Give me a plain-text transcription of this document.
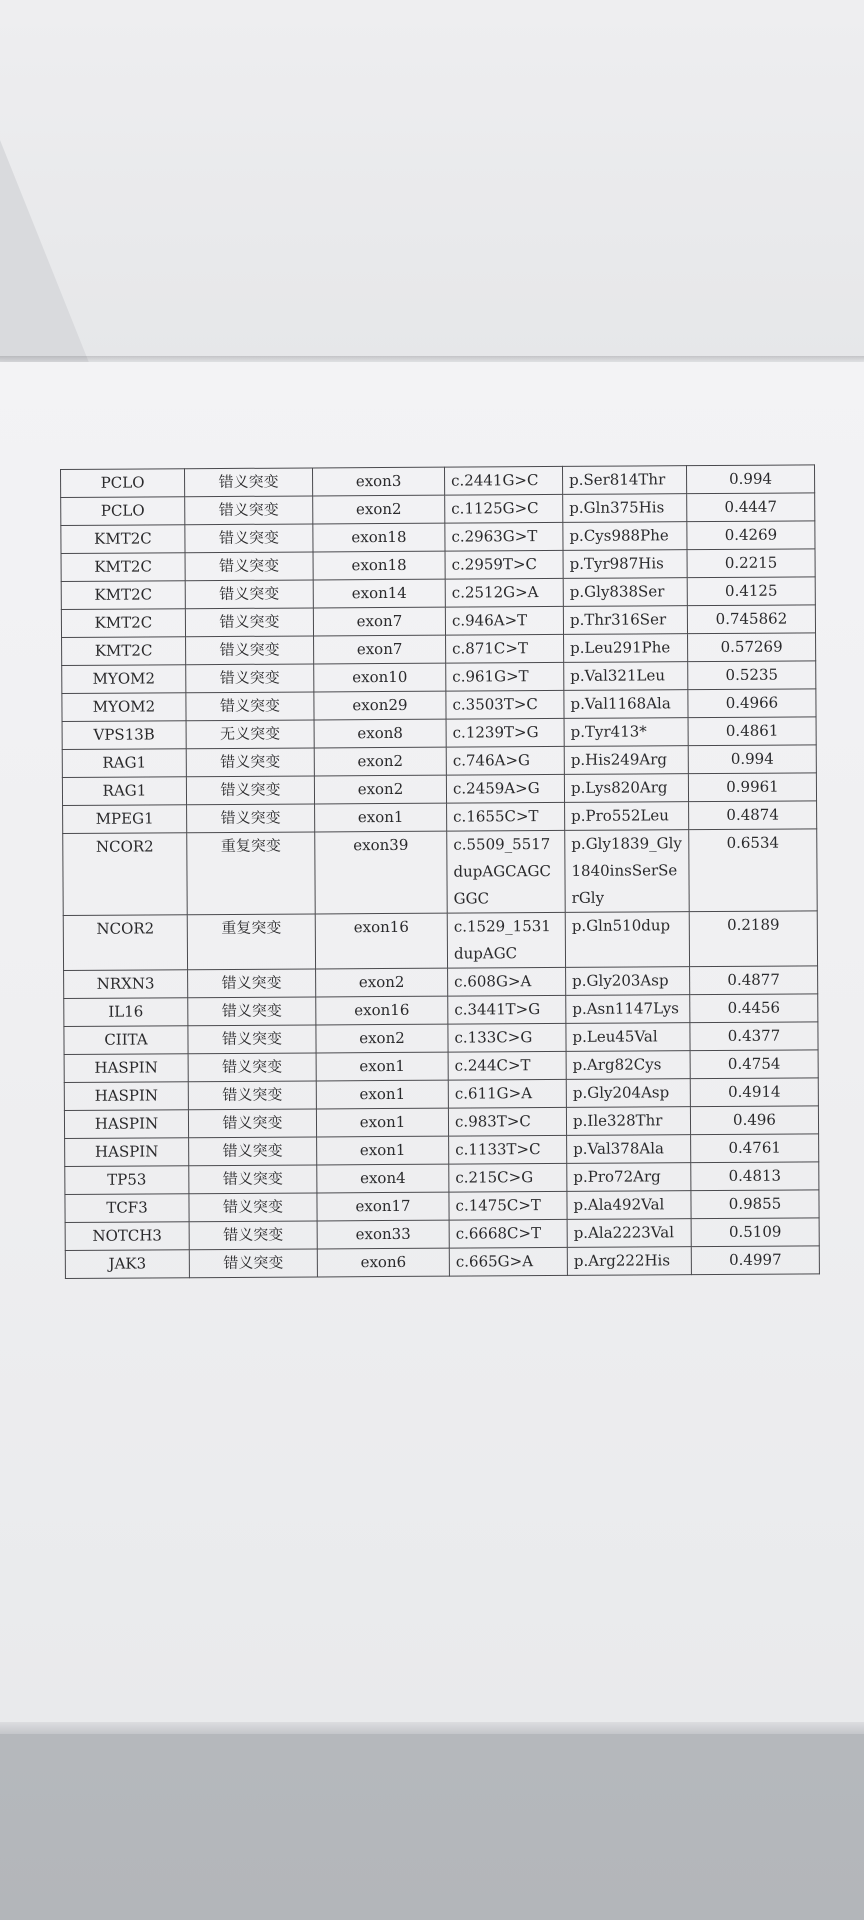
PCLO	错义突变	exon3	c.2441G>C	p.Ser814Thr	0.994
PCLO	错义突变	exon2	c.1125G>C	p.Gln375His	0.4447
KMT2C	错义突变	exon18	c.2963G>T	p.Cys988Phe	0.4269
KMT2C	错义突变	exon18	c.2959T>C	p.Tyr987His	0.2215
KMT2C	错义突变	exon14	c.2512G>A	p.Gly838Ser	0.4125
KMT2C	错义突变	exon7	c.946A>T	p.Thr316Ser	0.745862
KMT2C	错义突变	exon7	c.871C>T	p.Leu291Phe	0.57269
MYOM2	错义突变	exon10	c.961G>T	p.Val321Leu	0.5235
MYOM2	错义突变	exon29	c.3503T>C	p.Val1168Ala	0.4966
VPS13B	无义突变	exon8	c.1239T>G	p.Tyr413*	0.4861
RAG1	错义突变	exon2	c.746A>G	p.His249Arg	0.994
RAG1	错义突变	exon2	c.2459A>G	p.Lys820Arg	0.9961
MPEG1	错义突变	exon1	c.1655C>T	p.Pro552Leu	0.4874
NCOR2	重复突变	exon39	c.5509_5517dupAGCAGCGGC	p.Gly1839_Gly1840insSerSerGly	0.6534
NCOR2	重复突变	exon16	c.1529_1531dupAGC	p.Gln510dup	0.2189
NRXN3	错义突变	exon2	c.608G>A	p.Gly203Asp	0.4877
IL16	错义突变	exon16	c.3441T>G	p.Asn1147Lys	0.4456
CIITA	错义突变	exon2	c.133C>G	p.Leu45Val	0.4377
HASPIN	错义突变	exon1	c.244C>T	p.Arg82Cys	0.4754
HASPIN	错义突变	exon1	c.611G>A	p.Gly204Asp	0.4914
HASPIN	错义突变	exon1	c.983T>C	p.Ile328Thr	0.496
HASPIN	错义突变	exon1	c.1133T>C	p.Val378Ala	0.4761
TP53	错义突变	exon4	c.215C>G	p.Pro72Arg	0.4813
TCF3	错义突变	exon17	c.1475C>T	p.Ala492Val	0.9855
NOTCH3	错义突变	exon33	c.6668C>T	p.Ala2223Val	0.5109
JAK3	错义突变	exon6	c.665G>A	p.Arg222His	0.4997
